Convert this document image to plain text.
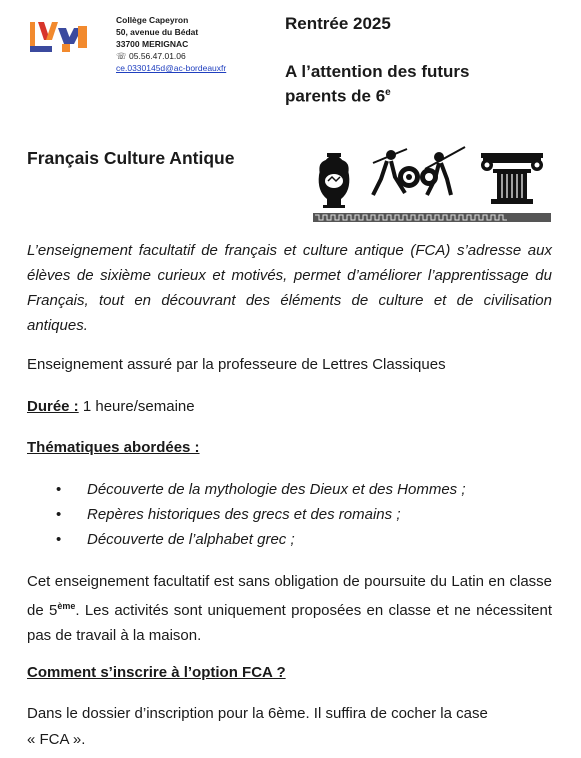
Collège Capeyron
50, avenue du Bédat
33700 MERIGNAC
☏ 05.56.47.01.06
ce.0330145d@ac-bordeauxfr
Rentrée 2025
A l’attention des futurs
parents de 6e
Français Culture Antique
L’enseignement facultatif de français et culture antique (FCA) s’adresse aux élèves de sixième curieux et motivés, permet d’améliorer l’apprentissage du Français, tout en découvrant des éléments de culture et de civilisation antiques.
Enseignement assuré par la professeure de Lettres Classiques
Durée : 1 heure/semaine
Thématiques abordées :
• Découverte de la mythologie des Dieux et des Hommes ;
• Repères historiques des grecs et des romains ;
• Découverte de l’alphabet grec ;
Cet enseignement facultatif est sans obligation de poursuite du Latin en classe de 5ème. Les activités sont uniquement proposées en classe et ne nécessitent pas de travail à la maison.
Comment s’inscrire à l’option FCA ?
Dans le dossier d’inscription pour la 6ème. Il suffira de cocher la case
« FCA ».
